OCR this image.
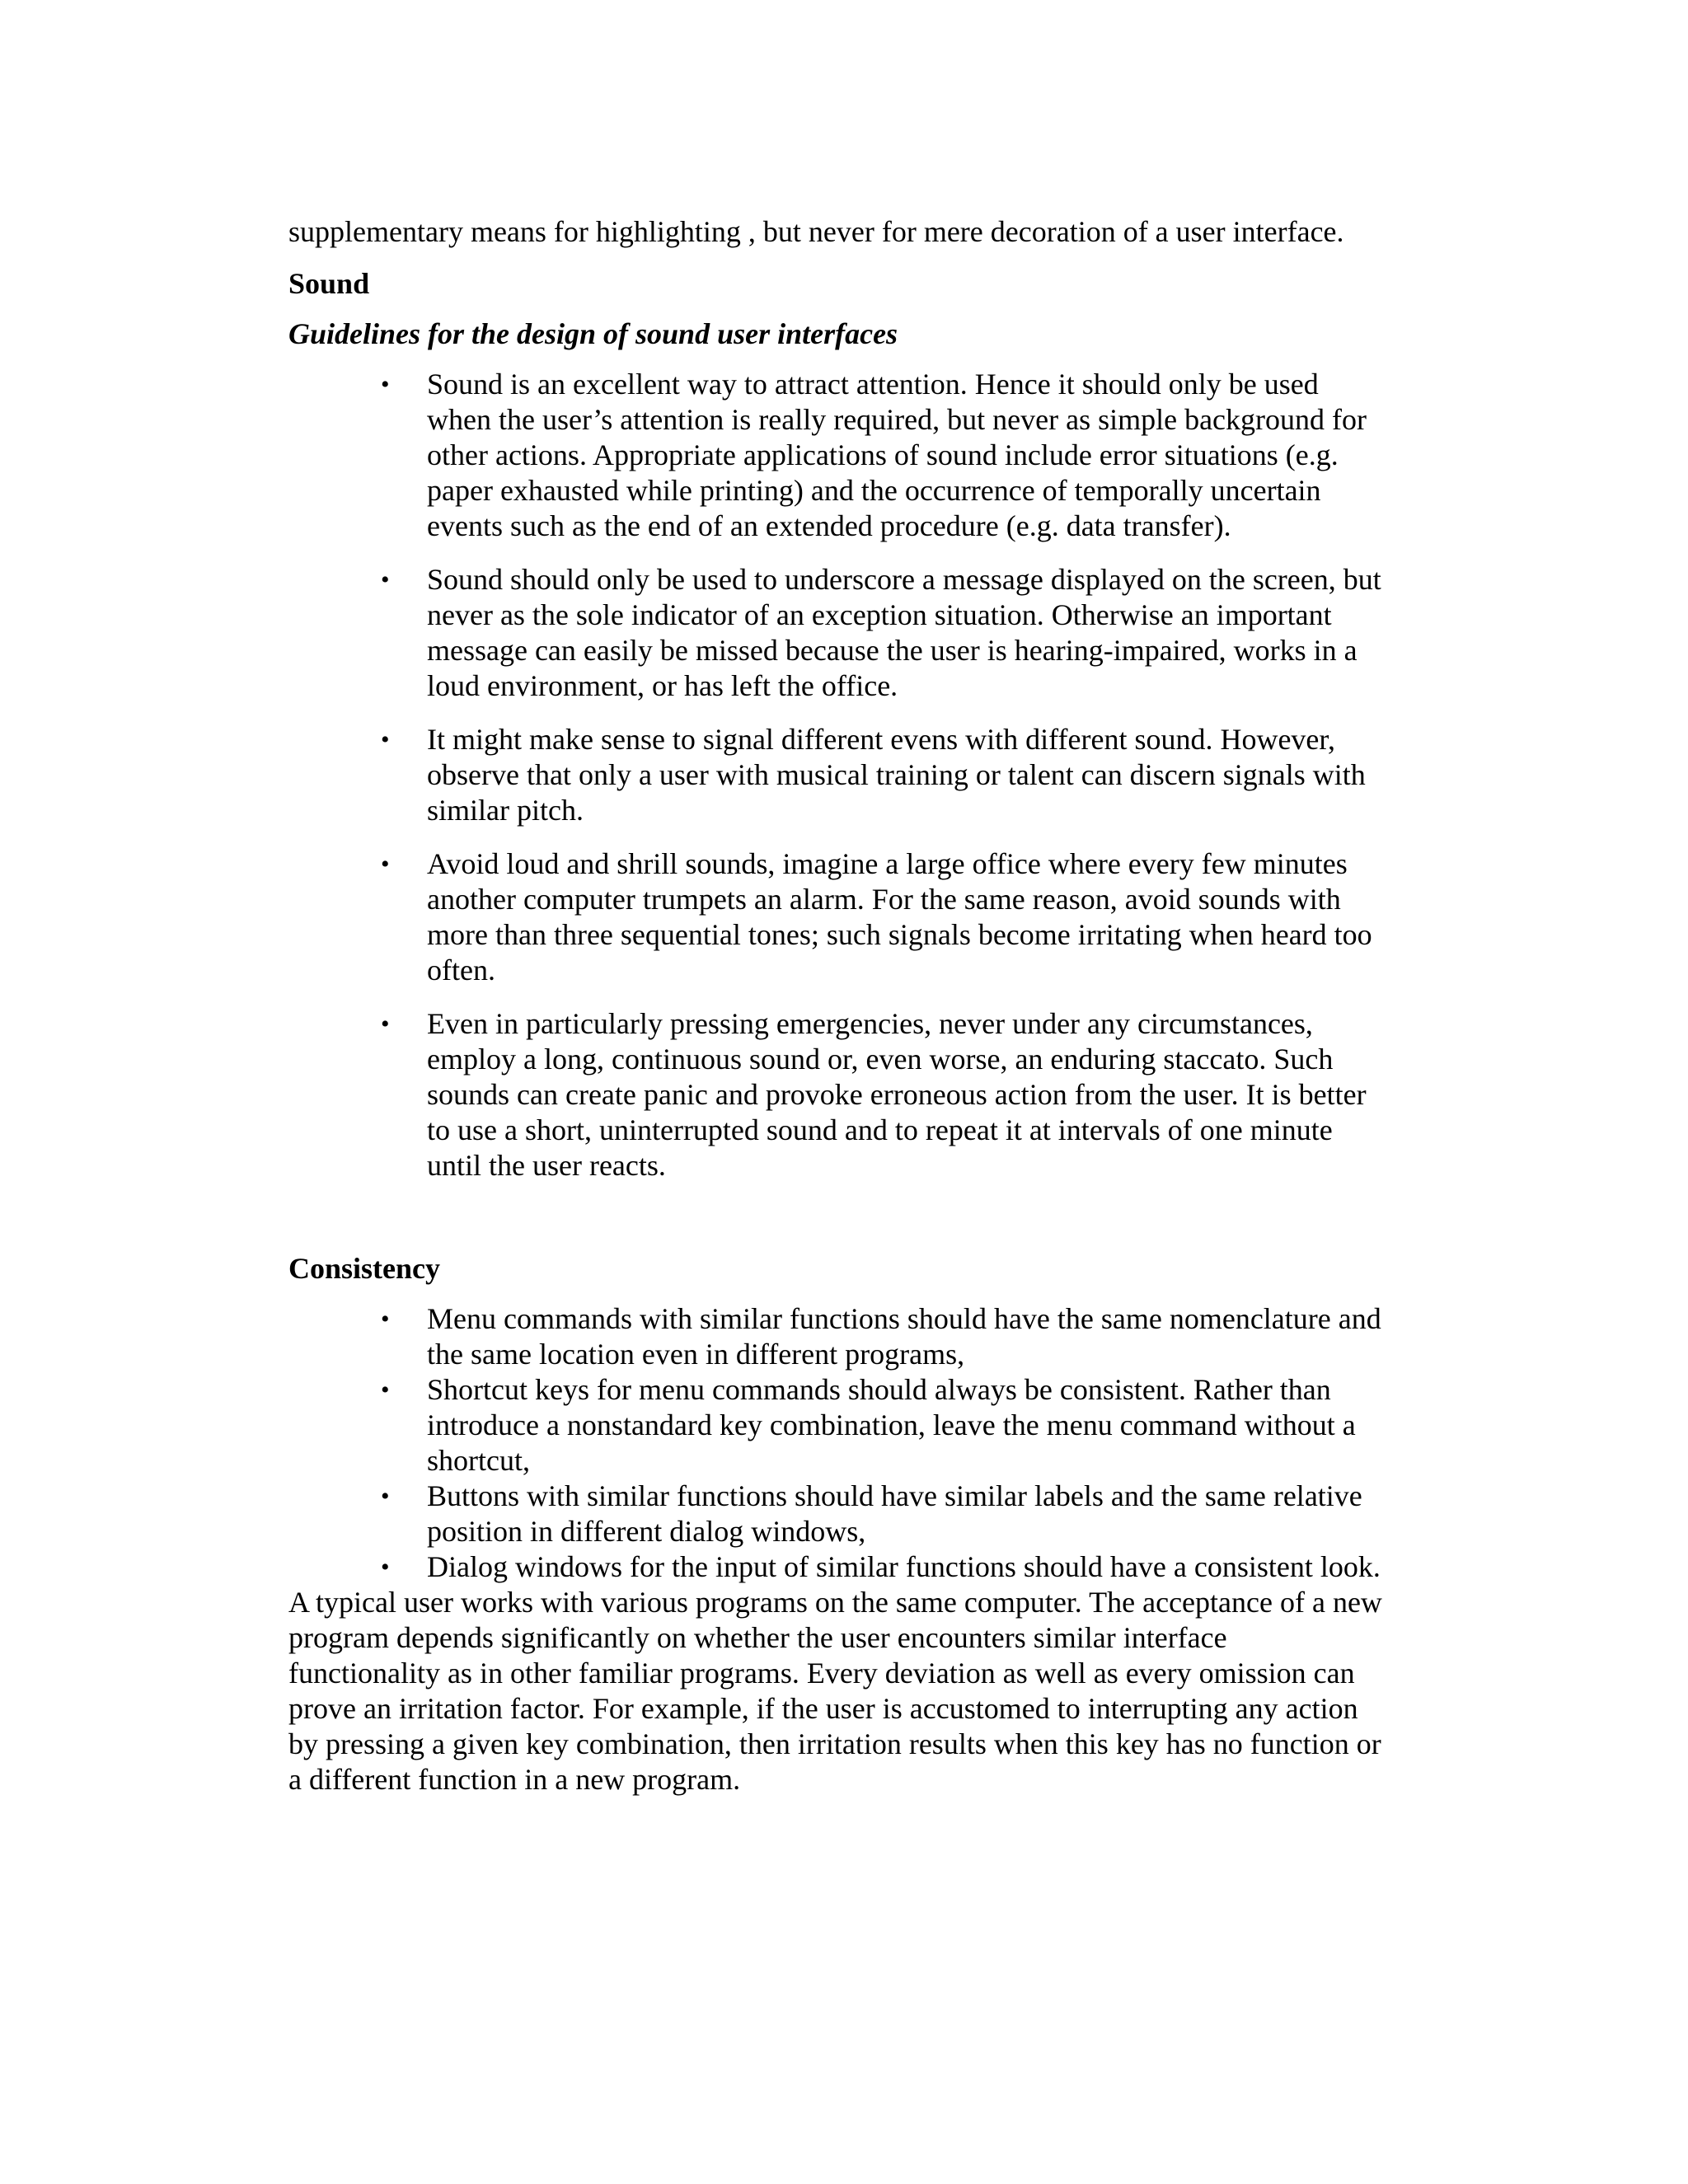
supplementary means for highlighting , but never for mere decoration of a user interface.
Sound
Guidelines for the design of sound user interfaces
• Sound is an excellent way to attract attention. Hence it should only be used when the user’s attention is really required, but never as simple background for other actions. Appropriate applications of sound include error situations (e.g. paper exhausted while printing) and the occurrence of temporally uncertain events such as the end of an extended procedure (e.g. data transfer).
• Sound should only be used to underscore a message displayed on the screen, but never as the sole indicator of an exception situation. Otherwise an important message can easily be missed because the user is hearing-impaired, works in a loud environment, or has left the office.
• It might make sense to signal different evens with different sound. However, observe that only a user with musical training or talent can discern signals with similar pitch.
• Avoid loud and shrill sounds, imagine a large office where every few minutes another computer trumpets an alarm. For the same reason, avoid sounds with more than three sequential tones; such signals become irritating when heard too often.
• Even in particularly pressing emergencies, never under any circumstances, employ a long, continuous sound or, even worse, an enduring staccato. Such sounds can create panic and provoke erroneous action from the user. It is better to use a short, uninterrupted sound and to repeat it at intervals of one minute until the user reacts.
Consistency
• Menu commands with similar functions should have the same nomenclature and the same location even in different programs,
• Shortcut keys for menu commands should always be consistent. Rather than introduce a nonstandard key combination, leave the menu command without a shortcut,
• Buttons with similar functions should have similar labels and the same relative position in different dialog windows,
• Dialog windows for the input of similar functions should have a consistent look.

A typical user works with various programs on the same computer. The acceptance of a new program depends significantly on whether the user encounters similar interface functionality as in other familiar programs. Every deviation as well as every omission can prove an irritation factor. For example, if the user is accustomed to interrupting any action by pressing a given key combination, then irritation results when this key has no function or a different function in a new program.
